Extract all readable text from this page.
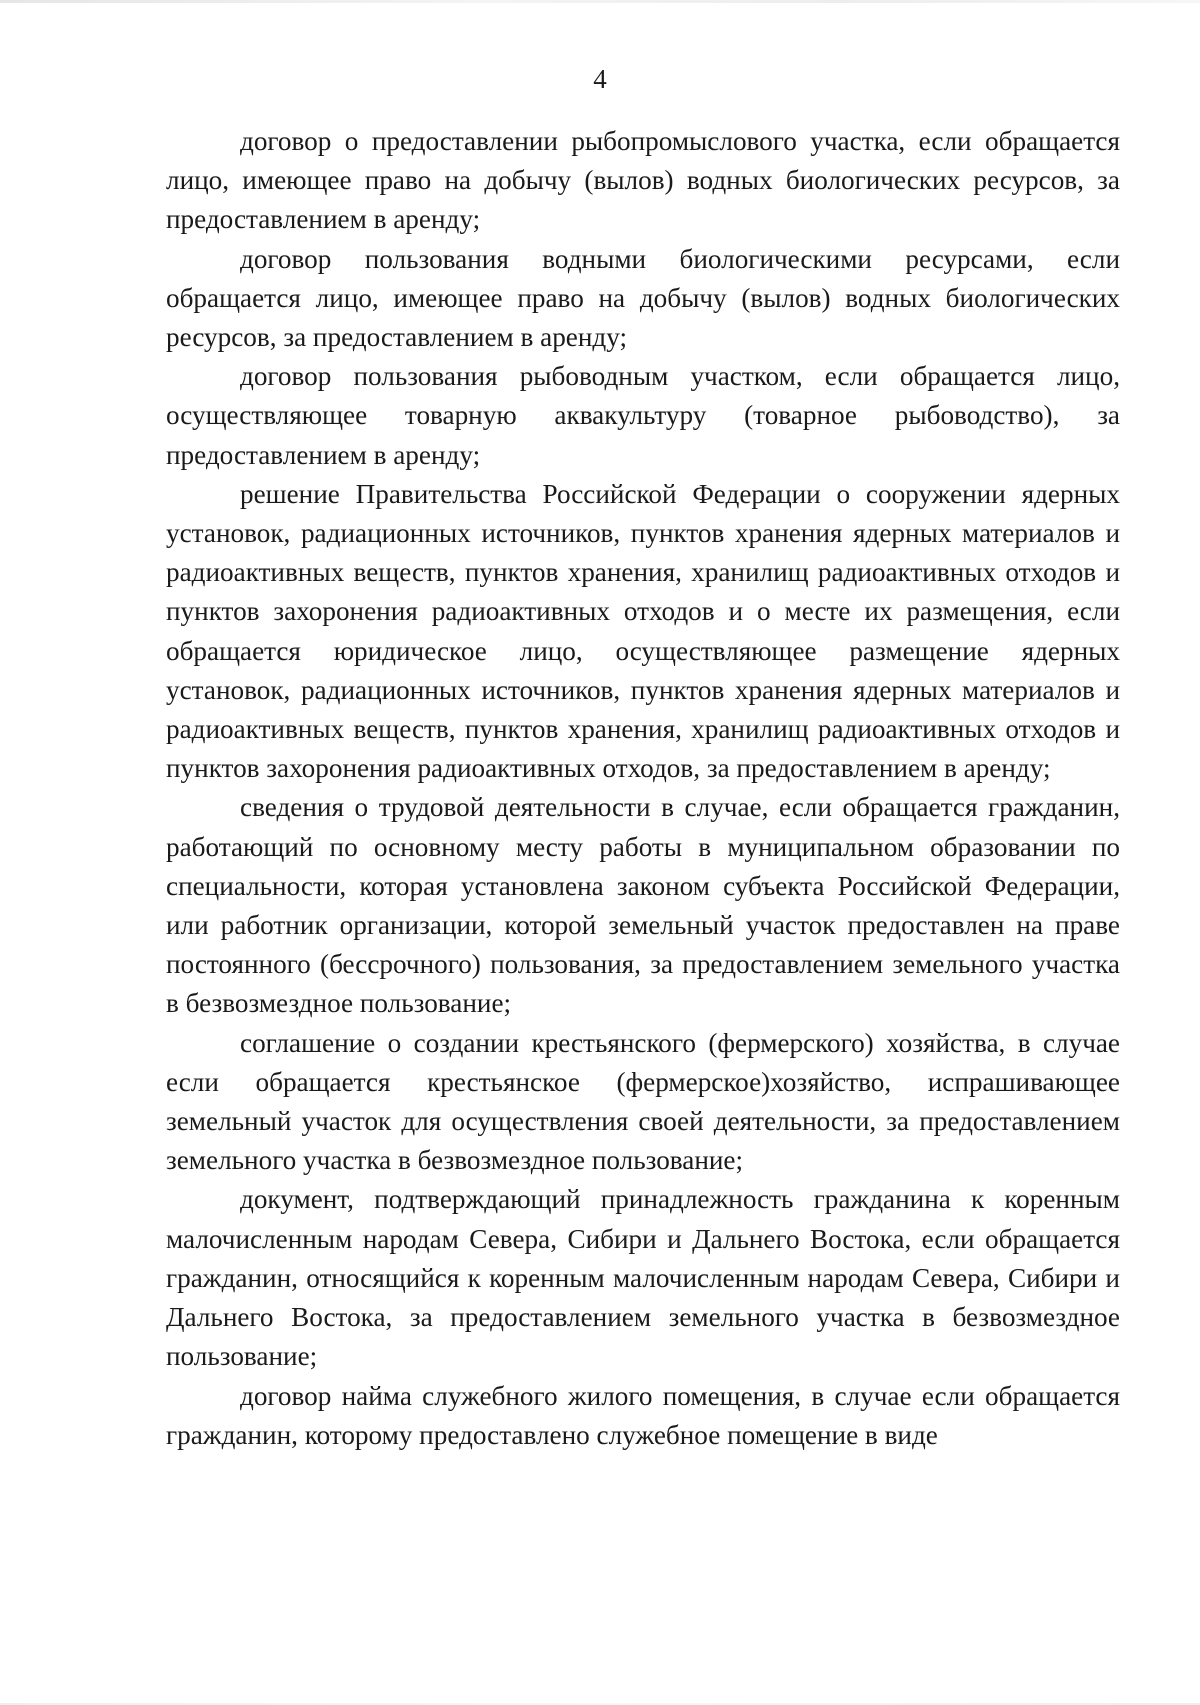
4

договор о предоставлении рыбопромыслового участка, если обращается лицо, имеющее право на добычу (вылов) водных биологических ресурсов, за предоставлением в аренду;

договор пользования водными биологическими ресурсами, если обращается лицо, имеющее право на добычу (вылов) водных биологических ресурсов, за предоставлением в аренду;

договор пользования рыбоводным участком, если обращается лицо, осуществляющее товарную аквакультуру (товарное рыбоводство), за предоставлением в аренду;

решение Правительства Российской Федерации о сооружении ядерных установок, радиационных источников, пунктов хранения ядерных материалов и радиоактивных веществ, пунктов хранения, хранилищ радиоактивных отходов и пунктов захоронения радиоактивных отходов и о месте их размещения, если обращается юридическое лицо, осуществляющее размещение ядерных установок, радиационных источников, пунктов хранения ядерных материалов и радиоактивных веществ, пунктов хранения, хранилищ радиоактивных отходов и пунктов захоронения радиоактивных отходов, за предоставлением в аренду;

сведения о трудовой деятельности в случае, если обращается гражданин, работающий по основному месту работы в муниципальном образовании по специальности, которая установлена законом субъекта Российской Федерации, или работник организации, которой земельный участок предоставлен на праве постоянного (бессрочного) пользования, за предоставлением земельного участка в безвозмездное пользование;

соглашение о создании крестьянского (фермерского) хозяйства, в случае если обращается крестьянское (фермерское)хозяйство, испрашивающее земельный участок для осуществления своей деятельности, за предоставлением земельного участка в безвозмездное пользование;

документ, подтверждающий принадлежность гражданина к коренным малочисленным народам Севера, Сибири и Дальнего Востока, если обращается гражданин, относящийся к коренным малочисленным народам Севера, Сибири и Дальнего Востока, за предоставлением земельного участка в безвозмездное пользование;

договор найма служебного жилого помещения, в случае если обращается гражданин, которому предоставлено служебное помещение в виде
